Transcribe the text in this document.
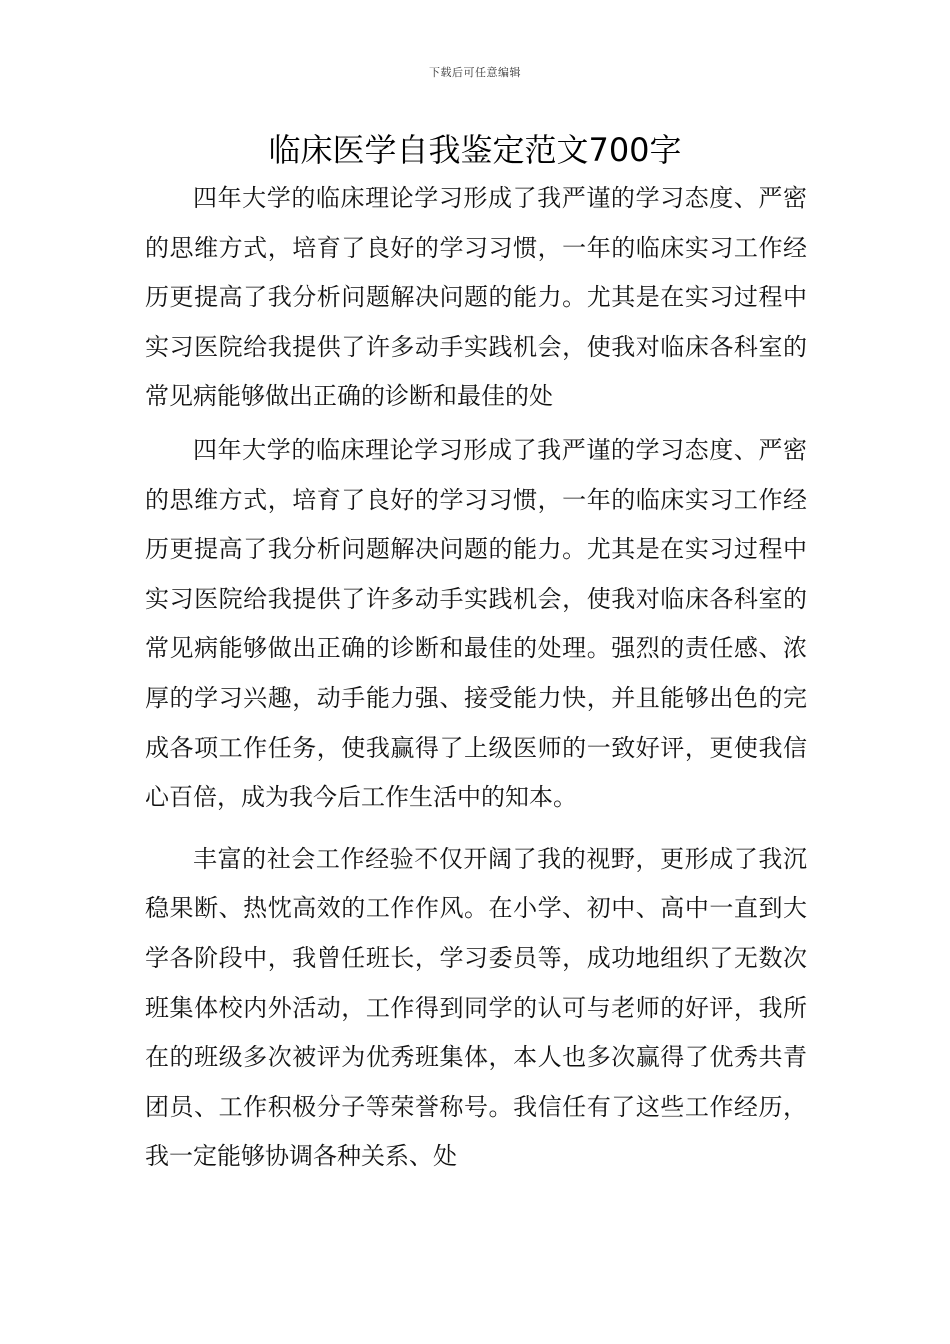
下载后可任意编辑
临床医学自我鉴定范文700字

四年大学的临床理论学习形成了我严谨的学习态度、严密的思维方式，培育了良好的学习习惯，一年的临床实习工作经历更提高了我分析问题解决问题的能力。尤其是在实习过程中实习医院给我提供了许多动手实践机会，使我对临床各科室的常见病能够做出正确的诊断和最佳的处

四年大学的临床理论学习形成了我严谨的学习态度、严密的思维方式，培育了良好的学习习惯，一年的临床实习工作经历更提高了我分析问题解决问题的能力。尤其是在实习过程中实习医院给我提供了许多动手实践机会，使我对临床各科室的常见病能够做出正确的诊断和最佳的处理。强烈的责任感、浓厚的学习兴趣，动手能力强、接受能力快，并且能够出色的完成各项工作任务，使我赢得了上级医师的一致好评，更使我信心百倍，成为我今后工作生活中的知本。

丰富的社会工作经验不仅开阔了我的视野，更形成了我沉稳果断、热忱高效的工作作风。在小学、初中、高中一直到大学各阶段中，我曾任班长，学习委员等，成功地组织了无数次班集体校内外活动，工作得到同学的认可与老师的好评，我所在的班级多次被评为优秀班集体，本人也多次赢得了优秀共青团员、工作积极分子等荣誉称号。我信任有了这些工作经历，我一定能够协调各种关系、处
